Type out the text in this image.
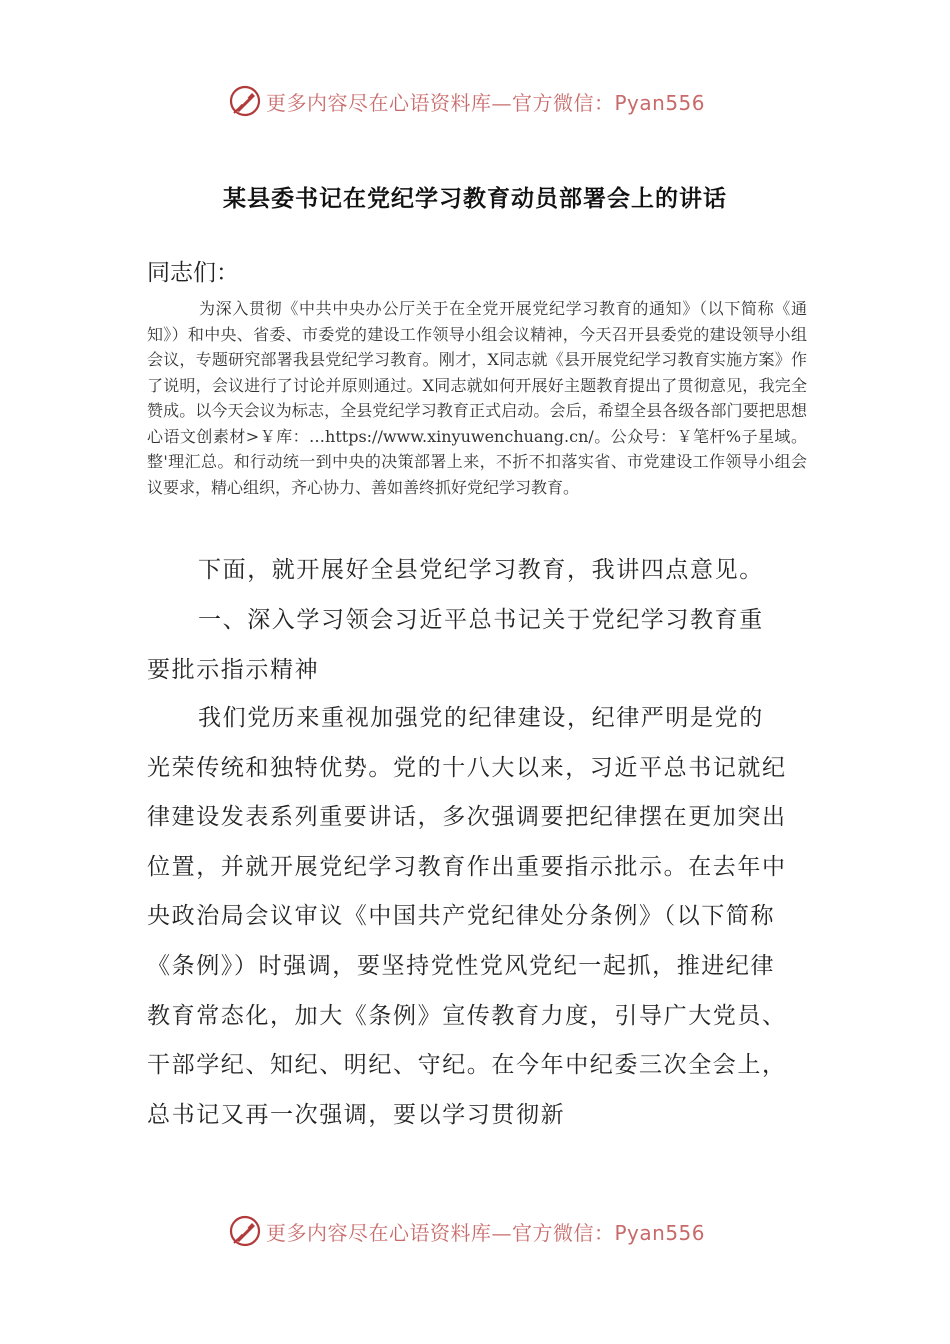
更多内容尽在心语资料库—官方微信：Pyan556
某县委书记在党纪学习教育动员部署会上的讲话
同志们：

为深入贯彻《中共中央办公厅关于在全党开展党纪学习教育的通知》（以下简称《通知》）和中央、省委、市委党的建设工作领导小组会议精神，今天召开县委党的建设领导小组会议，专题研究部署我县党纪学习教育。刚才，X同志就《县开展党纪学习教育实施方案》作了说明，会议进行了讨论并原则通过。X同志就如何开展好主题教育提出了贯彻意见，我完全赞成。以今天会议为标志，全县党纪学习教育正式启动。会后，希望全县各级各部门要把思想心语文创素材>￥库：…https://www.xinyuwenchuang.cn/。公众号：￥笔杆%子星域。整'理汇总。和行动统一到中央的决策部署上来，不折不扣落实省、市党建设工作领导小组会议要求，精心组织，齐心协力、善如善终抓好党纪学习教育。

下面，就开展好全县党纪学习教育，我讲四点意见。

一、深入学习领会习近平总书记关于党纪学习教育重要批示指示精神

我们党历来重视加强党的纪律建设，纪律严明是党的光荣传统和独特优势。党的十八大以来，习近平总书记就纪律建设发表系列重要讲话，多次强调要把纪律摆在更加突出位置，并就开展党纪学习教育作出重要指示批示。在去年中央政治局会议审议《中国共产党纪律处分条例》（以下简称《条例》）时强调，要坚持党性党风党纪一起抓，推进纪律教育常态化，加大《条例》宣传教育力度，引导广大党员、干部学纪、知纪、明纪、守纪。在今年中纪委三次全会上，总书记又再一次强调，要以学习贯彻新

更多内容尽在心语资料库—官方微信：Pyan556
